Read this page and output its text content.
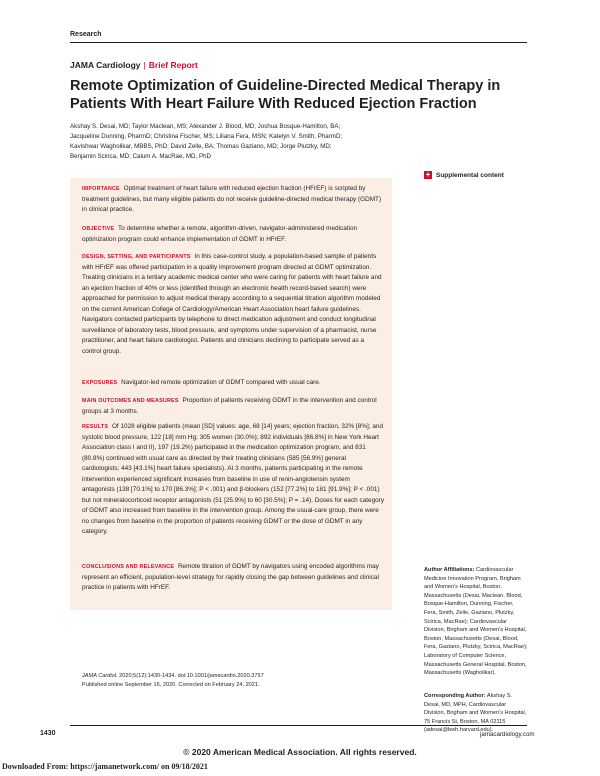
Research
JAMA Cardiology | Brief Report
Remote Optimization of Guideline-Directed Medical Therapy in Patients With Heart Failure With Reduced Ejection Fraction
Akshay S. Desai, MD; Taylor Maclean, MS; Alexander J. Blood, MD; Joshua Bosque-Hamilton, BA;
Jacqueline Dunning, PharmD; Christina Fischer, MS; Liliana Fera, MSN; Katelyn V. Smith, PharmD;
Kavishwar Wagholikar, MBBS, PhD; David Zelle, BA; Thomas Gaziano, MD; Jorge Plutzky, MD;
Benjamin Scirica, MD; Calum A. MacRae, MD, PhD
+ Supplemental content
IMPORTANCE Optimal treatment of heart failure with reduced ejection fraction (HFrEF) is scripted by treatment guidelines, but many eligible patients do not receive guideline-directed medical therapy (GDMT) in clinical practice.
OBJECTIVE To determine whether a remote, algorithm-driven, navigator-administered medication optimization program could enhance implementation of GDMT in HFrEF.
DESIGN, SETTING, AND PARTICIPANTS In this case-control study, a population-based sample of patients with HFrEF was offered participation in a quality improvement program directed at GDMT optimization. Treating clinicians in a tertiary academic medical center who were caring for patients with heart failure and an ejection fraction of 40% or less (identified through an electronic health record-based search) were approached for permission to adjust medical therapy according to a sequential titration algorithm modeled on the current American College of Cardiology/American Heart Association heart failure guidelines. Navigators contacted participants by telephone to direct medication adjustment and conduct longitudinal surveillance of laboratory tests, blood pressure, and symptoms under supervision of a pharmacist, nurse practitioner, and heart failure cardiologist. Patients and clinicians declining to participate served as a control group.
EXPOSURES Navigator-led remote optimization of GDMT compared with usual care.
MAIN OUTCOMES AND MEASURES Proportion of patients receiving GDMT in the intervention and control groups at 3 months.
RESULTS Of 1028 eligible patients (mean [SD] values: age, 68 [14] years; ejection fraction, 32% [8%]; and systolic blood pressure, 122 [18] mm Hg; 305 women (30.0%); 892 individuals [86.8%] in New York Heart Association class I and II), 197 (19.2%) participated in the medication optimization program, and 831 (80.8%) continued with usual care as directed by their treating clinicians (585 [56.9%] general cardiologists; 443 [43.1%] heart failure specialists). At 3 months, patients participating in the remote intervention experienced significant increases from baseline in use of renin-angiotensin system antagonists (138 [70.1%] to 170 [86.3%]; P < .001) and β-blockers (152 [77.2%] to 181 [91.9%]; P < .001) but not mineralocorticoid receptor antagonists (51 [25.9%] to 60 [30.5%]; P = .14). Doses for each category of GDMT also increased from baseline in the intervention group. Among the usual-care group, there were no changes from baseline in the proportion of patients receiving GDMT or the dose of GDMT in any category.
CONCLUSIONS AND RELEVANCE Remote titration of GDMT by navigators using encoded algorithms may represent an efficient, population-level strategy for rapidly closing the gap between guidelines and clinical practice in patients with HFrEF.
Author Affiliations: Cardiovascular Medicine Innovation Program, Brigham and Women's Hospital, Boston, Massachusetts (Desai, Maclean, Blood, Bosque-Hamilton, Dunning, Fischer, Fera, Smith, Zelle, Gaziano, Plutzky, Scirica, MacRae); Cardiovascular Division, Brigham and Women's Hospital, Boston, Massachusetts (Desai, Blood, Fera, Gaziano, Plutzky, Scirica, MacRae); Laboratory of Computer Science, Massachusetts General Hospital, Boston, Massachusetts (Wagholikar).
Corresponding Author: Akshay S. Desai, MD, MPH, Cardiovascular Division, Brigham and Women's Hospital, 75 Francis St, Boston, MA 02115 (adesai@bwh.harvard.edu).
JAMA Cardiol. 2020;5(12):1430-1434. doi:10.1001/jamacardio.2020.3757
Published online September 16, 2020. Corrected on February 24, 2021.
1430	jamacardiology.com
© 2020 American Medical Association. All rights reserved.
Downloaded From: https://jamanetwork.com/ on 09/18/2021
